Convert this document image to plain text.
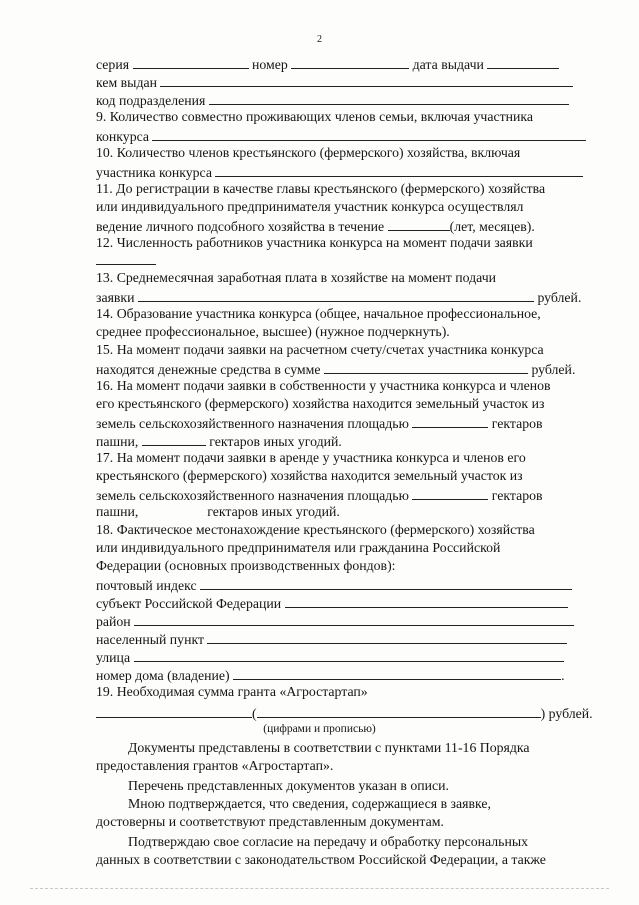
2
серия	номер	дата выдачи
кем выдан
код подразделения
9. Количество совместно проживающих членов семьи, включая участника
конкурса
10. Количество членов крестьянского (фермерского) хозяйства, включая
участника конкурса
11. До регистрации в качестве главы крестьянского (фермерского) хозяйства
или индивидуального предпринимателя участник конкурса осуществлял
ведение личного подсобного хозяйства в течение	(лет, месяцев).
12. Численность работников участника конкурса на момент подачи заявки
13. Среднемесячная заработная плата в хозяйстве на момент подачи
заявки	рублей.
14. Образование участника конкурса (общее, начальное профессиональное,
среднее профессиональное, высшее) (нужное подчеркнуть).
15. На момент подачи заявки на расчетном счету/счетах участника конкурса
находятся денежные средства в сумме	рублей.
16. На момент подачи заявки в собственности у участника конкурса и членов
его крестьянского (фермерского) хозяйства находится земельный участок из
земель сельскохозяйственного назначения площадью	гектаров
пашни,	гектаров иных угодий.
17. На момент подачи заявки в аренде у участника конкурса и членов его
крестьянского (фермерского) хозяйства находится земельный участок из
земель сельскохозяйственного назначения площадью	гектаров
пашни,	гектаров иных угодий.
18. Фактическое местонахождение крестьянского (фермерского) хозяйства
или индивидуального предпринимателя или гражданина Российской
Федерации (основных производственных фондов):
почтовый индекс
субъект Российской Федерации
район
населенный пункт
улица
номер дома (владение)	.
19. Необходимая сумма гранта «Агростартап»
(	) рублей.
(цифрами и прописью)
Документы представлены в соответствии с пунктами 11-16 Порядка
предоставления грантов «Агростартап».
Перечень представленных документов указан в описи.
Мною подтверждается, что сведения, содержащиеся в заявке,
достоверны и соответствуют представленным документам.
Подтверждаю свое согласие на передачу и обработку персональных
данных в соответствии с законодательством Российской Федерации, а также
